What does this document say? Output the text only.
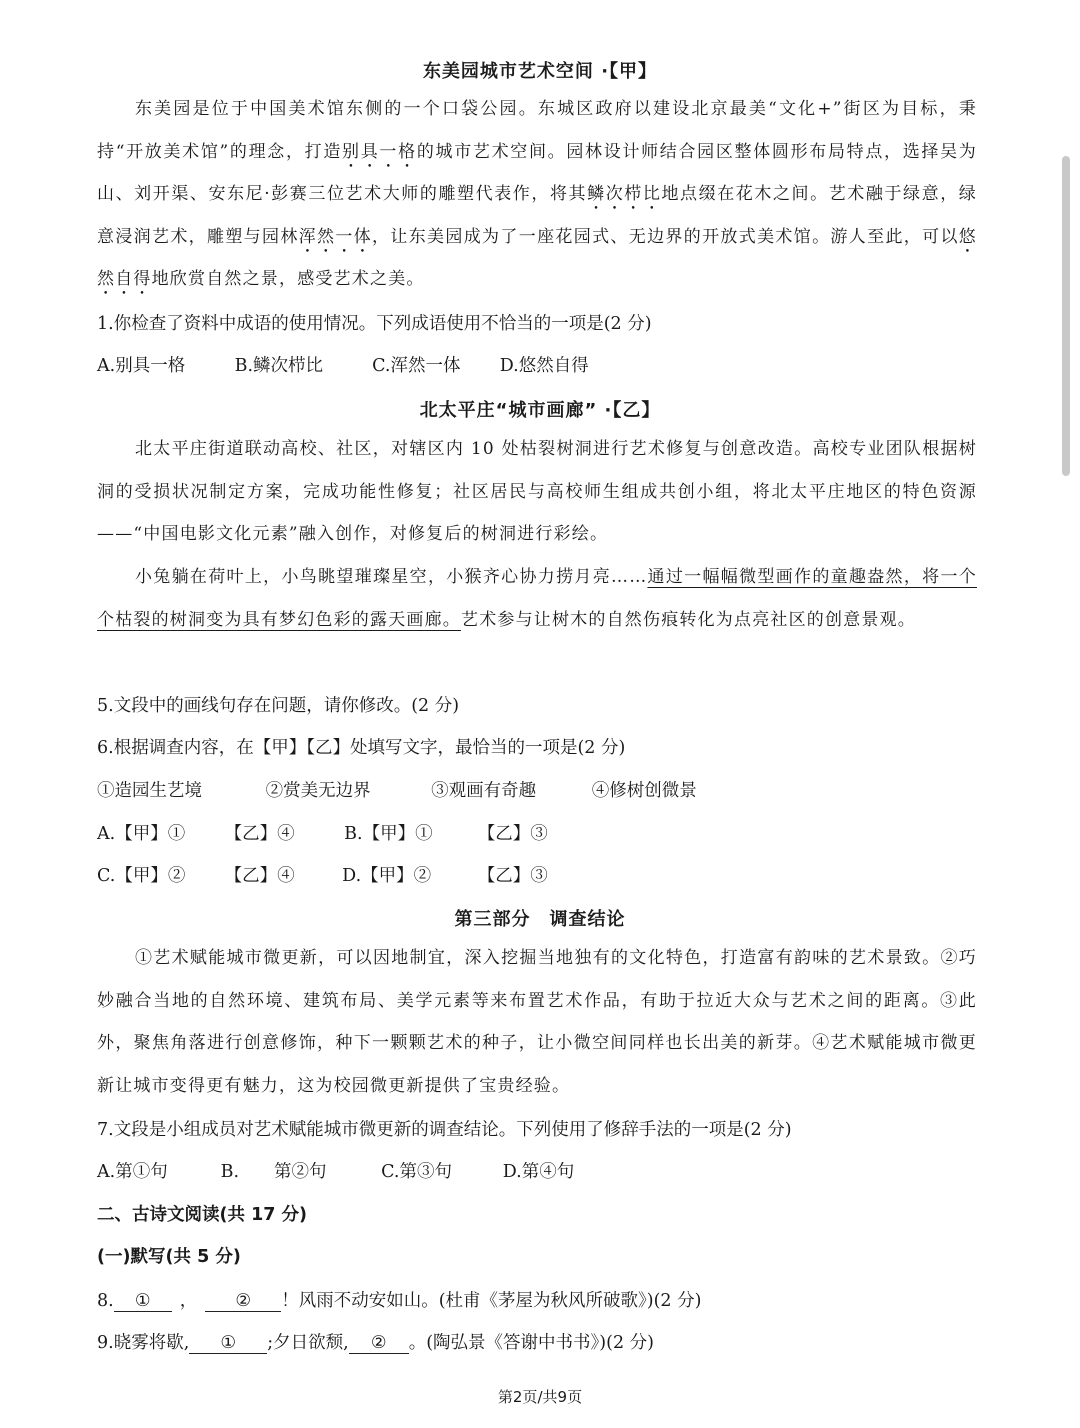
东美园城市艺术空间 ·【甲】

东美园是位于中国美术馆东侧的一个口袋公园。东城区政府以建设北京最美“文化+”街区为目标，秉持“开放美术馆”的理念，打造别具一格的城市艺术空间。园林设计师结合园区整体圆形布局特点，选择吴为山、刘开渠、安东尼·彭赛三位艺术大师的雕塑代表作，将其鳞次栉比地点缀在花木之间。艺术融于绿意，绿意浸润艺术，雕塑与园林浑然一体，让东美园成为了一座花园式、无边界的开放式美术馆。游人至此，可以悠然自得地欣赏自然之景，感受艺术之美。

1.你检查了资料中成语的使用情况。下列成语使用不恰当的一项是(2 分)
A.别具一格	B.鳞次栉比	C.浑然一体 D.悠然自得
北太平庄“城市画廊” ·【乙】

北太平庄街道联动高校、社区，对辖区内 10 处枯裂树洞进行艺术修复与创意改造。高校专业团队根据树洞的受损状况制定方案，完成功能性修复；社区居民与高校师生组成共创小组，将北太平庄地区的特色资源——“中国电影文化元素”融入创作，对修复后的树洞进行彩绘。

小兔躺在荷叶上，小鸟眺望璀璨星空，小猴齐心协力捞月亮……通过一幅幅微型画作的童趣盎然，将一个个枯裂的树洞变为具有梦幻色彩的露天画廊。艺术参与让树木的自然伤痕转化为点亮社区的创意景观。

5.文段中的画线句存在问题，请你修改。(2 分)
6.根据调查内容，在【甲】【乙】处填写文字，最恰当的一项是(2 分)
①造园生艺境	②赏美无边界	③观画有奇趣	④修树创微景
A.【甲】① 【乙】④	B.【甲】①	【乙】③
C.【甲】② 【乙】④	D.【甲】②	【乙】③
第三部分　调查结论

①艺术赋能城市微更新，可以因地制宜，深入挖掘当地独有的文化特色，打造富有韵味的艺术景致。②巧妙融合当地的自然环境、建筑布局、美学元素等来布置艺术作品，有助于拉近大众与艺术之间的距离。③此外，聚焦角落进行创意修饰，种下一颗颗艺术的种子，让小微空间同样也长出美的新芽。④艺术赋能城市微更新让城市变得更有魅力，这为校园微更新提供了宝贵经验。

7.文段是小组成员对艺术赋能城市微更新的调查结论。下列使用了修辞手法的一项是(2 分)
A.第①句	B.　　第②句	C.第③句	D.第④句
二、古诗文阅读(共 17 分)
(一)默写(共 5 分)
8. ① ， ② ！风雨不动安如山。(杜甫《茅屋为秋风所破歌》)(2 分)
9.晓雾将歇, ① ;夕日欲颓, ② 。(陶弘景《答谢中书书》)(2 分)
第2页/共9页
